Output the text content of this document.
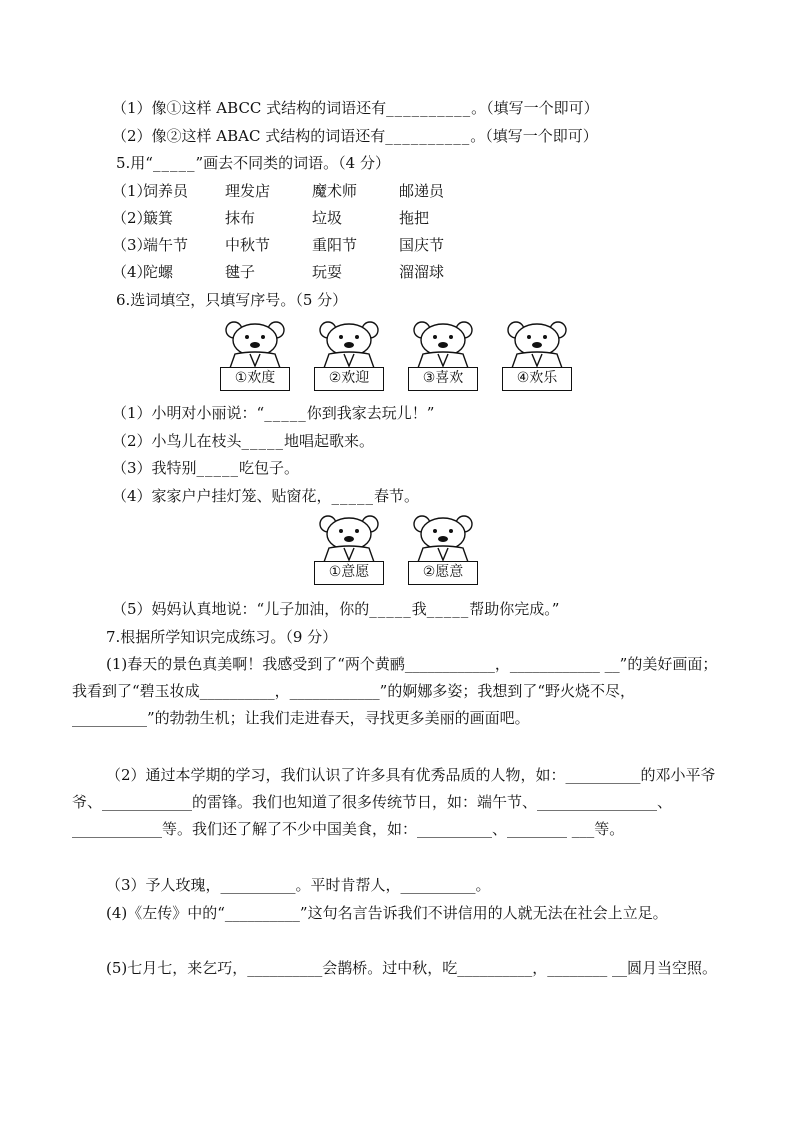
（1）像①这样 ABCC 式结构的词语还有__________。（填写一个即可）
（2）像②这样 ABAC 式结构的词语还有__________。（填写一个即可）
5.用“_____”画去不同类的词语。（4 分）
（1）
饲养员 理发店	魔术师	邮递员
（2）
簸箕	抹布	垃圾	拖把
（3）
端午节 中秋节	重阳节	国庆节
（4）
陀螺	毽子	玩耍	溜溜球
6.选词填空，只填写序号。（5 分）
①欢度	②欢迎	③喜欢	④欢乐
（1）小明对小丽说：“_____你到我家去玩儿！”
（2）小鸟儿在枝头_____地唱起歌来。
（3）我特别_____吃包子。
（4）家家户户挂灯笼、贴窗花，_____春节。
①意愿	②愿意
（5）妈妈认真地说：“儿子加油，你的_____我_____帮助你完成。”
7.根据所学知识完成练习。（9 分）
(1)春天的景色真美啊！我感受到了“两个黄鹂____________，____________ __”的美好画面；我看到了“碧玉妆成__________，____________”的婀娜多姿；我想到了“野火烧不尽，__________”的勃勃生机；让我们走进春天，寻找更多美丽的画面吧。
（2）通过本学期的学习，我们认识了许多具有优秀品质的人物，如：__________的邓小平爷爷、____________的雷锋。我们也知道了很多传统节日，如：端午节、________________、____________等。我们还了解了不少中国美食，如：__________、________ ___等。
（3）予人玫瑰，__________。平时肯帮人，__________。
(4)《左传》中的“__________”这句名言告诉我们不讲信用的人就无法在社会上立足。
(5)七月七，来乞巧，__________会鹊桥。过中秋，吃__________，________ __圆月当空照。
